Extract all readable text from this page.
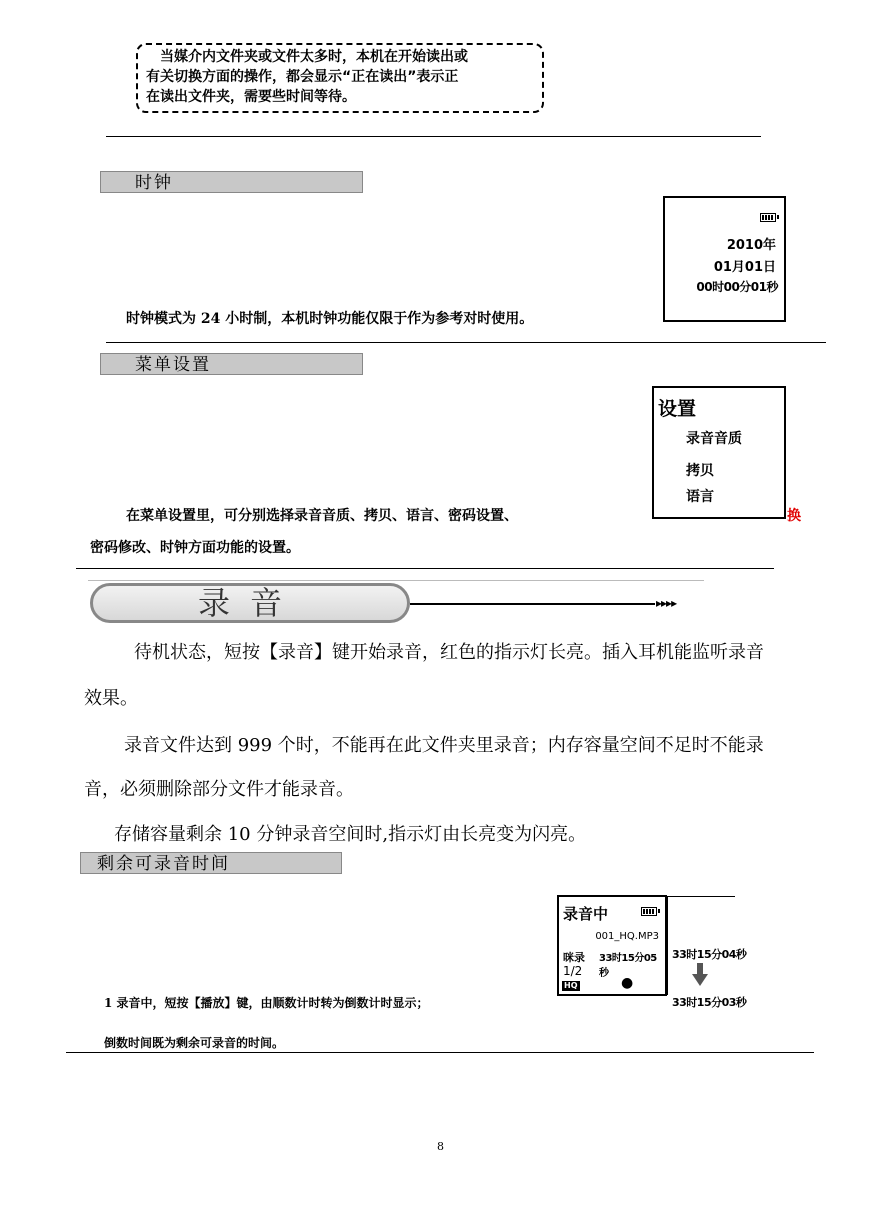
当媒介内文件夹或文件太多时，本机在开始读出或

有关切换方面的操作，都会显示“正在读出”表示正

在读出文件夹，需要些时间等待。

时钟
2010年
01月01日
00时00分01秒
时钟模式为 24 小时制，本机时钟功能仅限于作为参考对时使用。
菜单设置
设置
录音音质
拷贝
语言
在菜单设置里，可分别选择录音音质、拷贝、语言、密码设置、	换
密码修改、时钟方面功能的设置。
录音	▸▸▸▸
待机状态，短按【录音】键开始录音，红色的指示灯长亮。插入耳机能监听录音
效果。
录音文件达到 999 个时，不能再在此文件夹里录音；内存容量空间不足时不能录
音，必须删除部分文件才能录音。
存储容量剩余 10 分钟录音空间时,指示灯由长亮变为闪亮。
剩余可录音时间
录音中
001_HQ.MP3
咪录 33时15分05秒
1/2
HQ	●
33时15分04秒
33时15分03秒
1 录音中，短按【播放】键，由顺数计时转为倒数计时显示；
倒数时间既为剩余可录音的时间。
8
